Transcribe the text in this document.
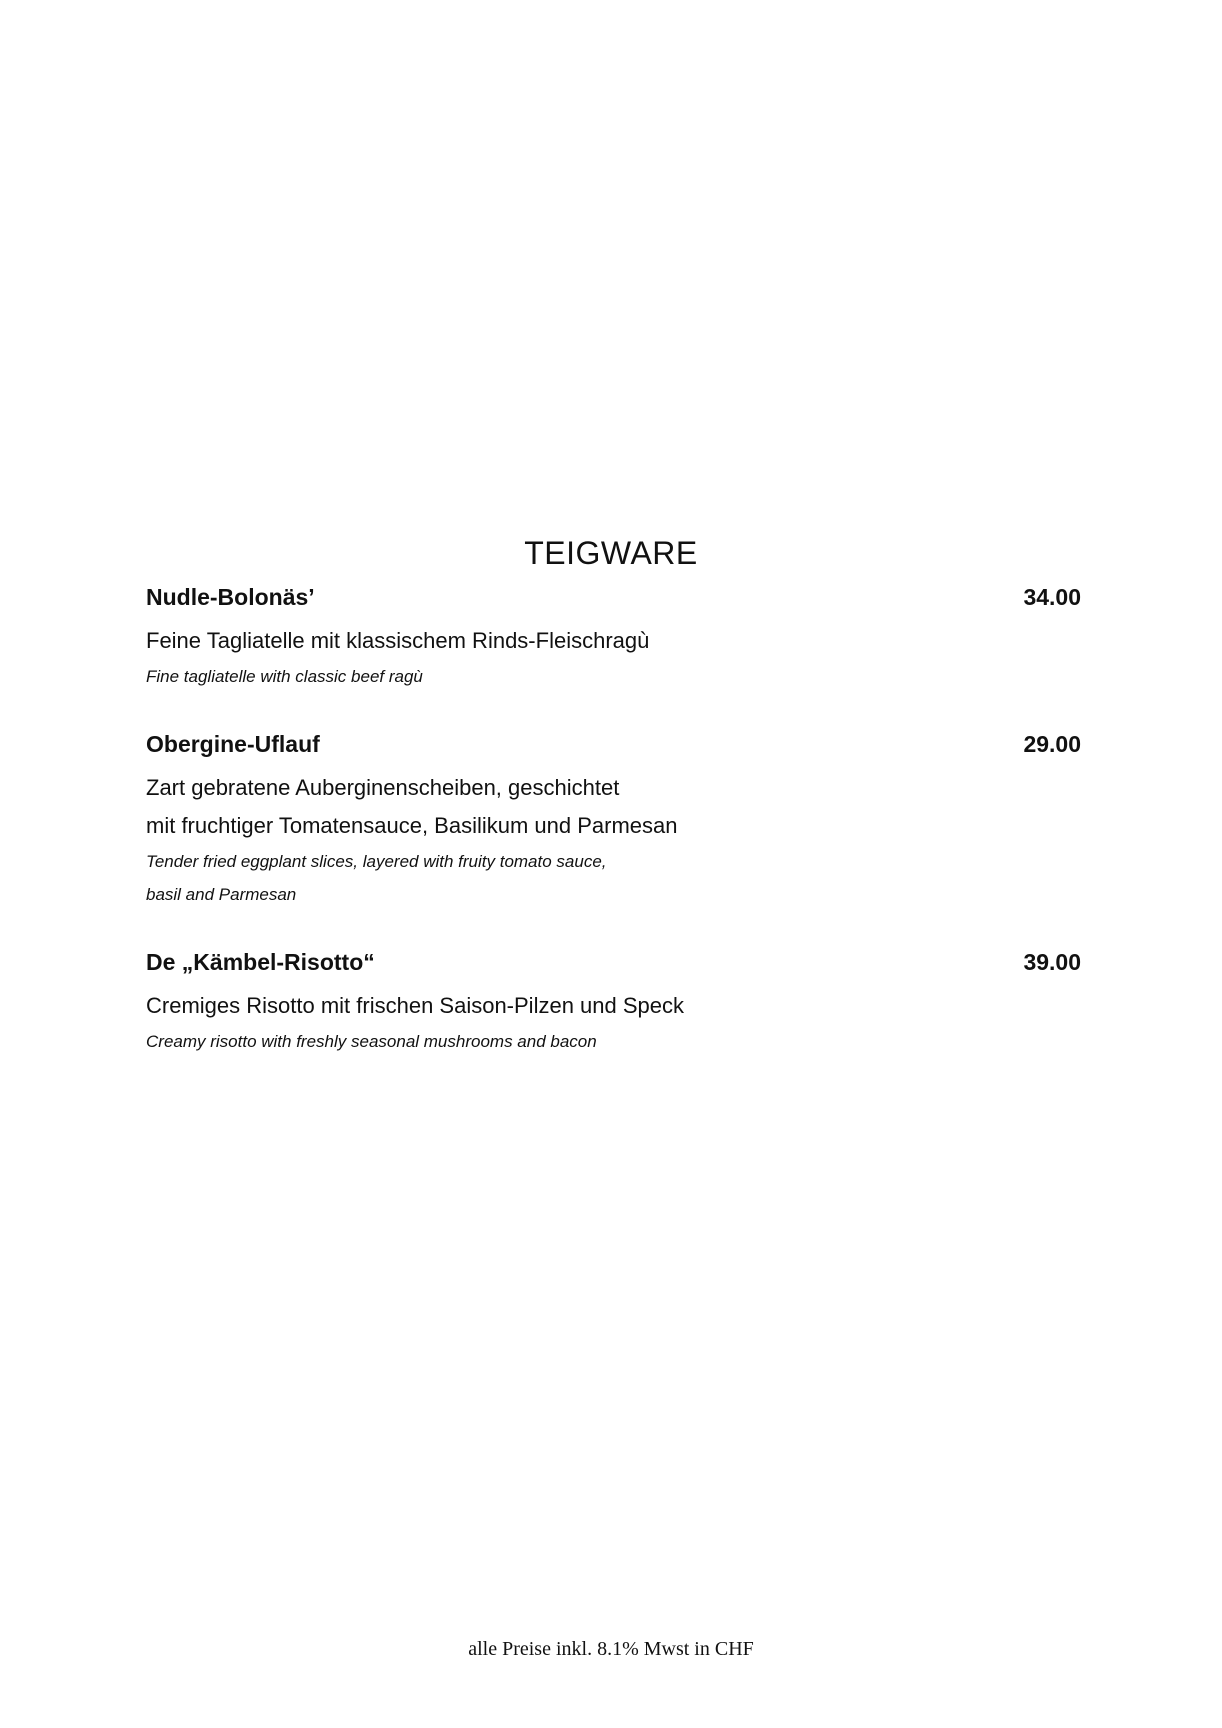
TEIGWARE
Nudle-Bolonäs’	34.00

Feine Tagliatelle mit klassischem Rinds-Fleischragù

Fine tagliatelle with classic beef ragù

Obergine-Uflauf	29.00

Zart gebratene Auberginenscheiben, geschichtet

mit fruchtiger Tomatensauce, Basilikum und Parmesan

Tender fried eggplant slices, layered with fruity tomato sauce,

basil and Parmesan

De „Kämbel-Risotto“	39.00

Cremiges Risotto mit frischen Saison-Pilzen und Speck

Creamy risotto with freshly seasonal mushrooms and bacon

alle Preise inkl. 8.1% Mwst in CHF
